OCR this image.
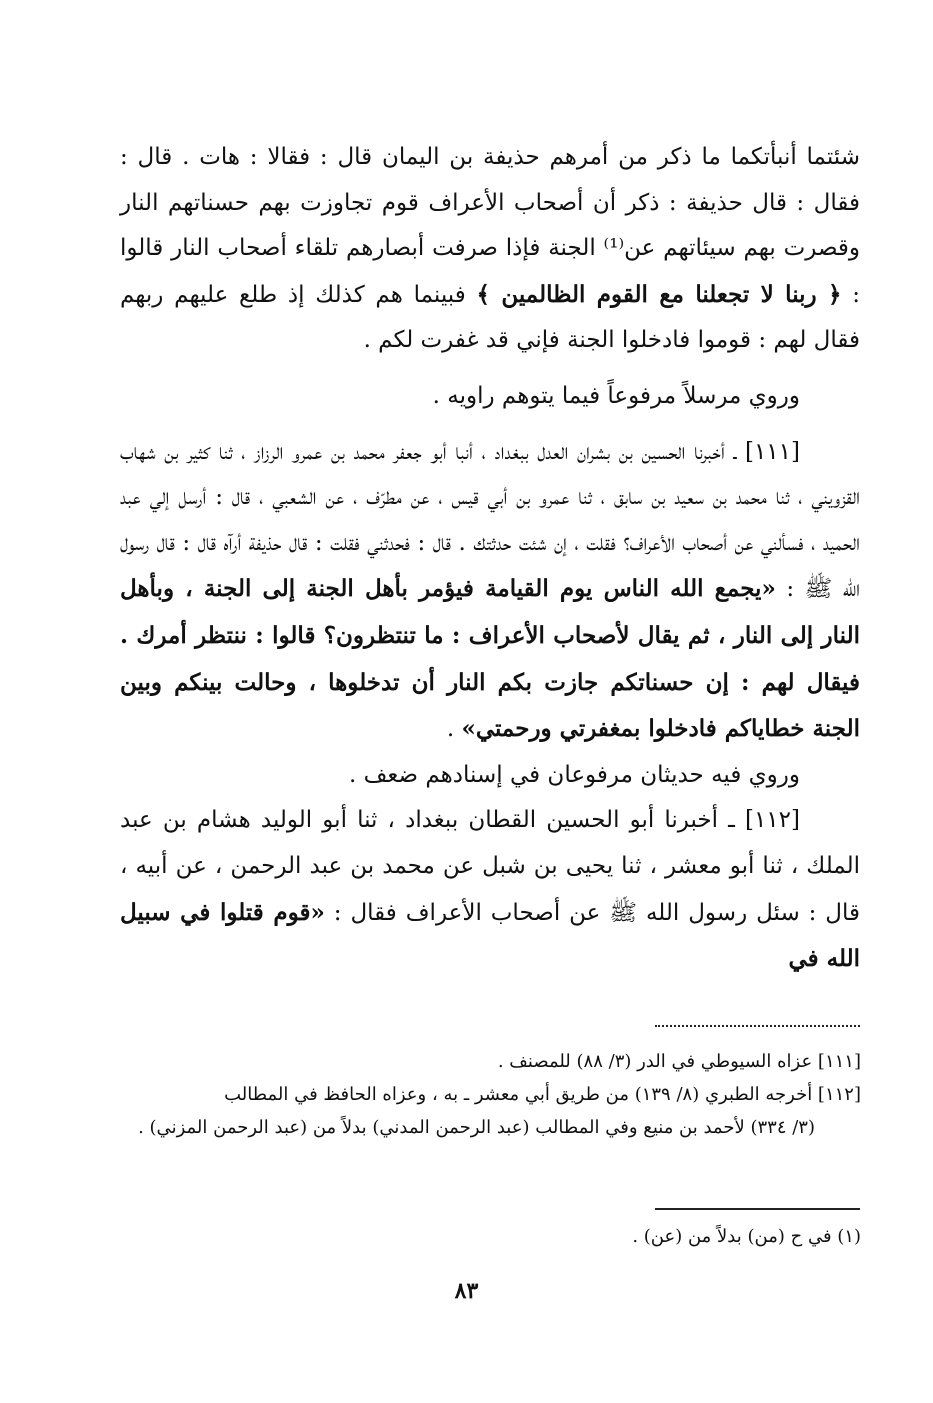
شئتما أنبأتكما ما ذكر من أمرهم حذيفة بن اليمان قال : فقالا : هات . قال : فقال : قال حذيفة : ذكر أن أصحاب الأعراف قوم تجاوزت بهم حسناتهم النار وقصرت بهم سيئاتهم عن⁽¹⁾ الجنة فإذا صرفت أبصارهم تلقاء أصحاب النار قالوا : ﴿ ربنا لا تجعلنا مع القوم الظالمين ﴾ فبينما هم كذلك إذ طلع عليهم ربهم فقال لهم : قوموا فادخلوا الجنة فإني قد غفرت لكم .

وروي مرسلاً مرفوعاً فيما يتوهم راويه .

[١١١] ـ أخبرنا الحسين بن بشران العدل ببغداد ، أنبا أبو جعفر محمد بن عمرو الرزاز ، ثنا كثير بن شهاب القزويني ، ثنا محمد بن سعيد بن سابق ، ثنا عمرو بن أبي قيس ، عن مطرّف ، عن الشعبي ، قال : أرسل إلي عبد الحميد ، فسألني عن أصحاب الأعراف؟ فقلت ، إن شئت حدثتك . قال : فحدثني فقلت : قال حذيفة أرآه قال : قال رسول الله ﷺ : «يجمع الله الناس يوم القيامة فيؤمر بأهل الجنة إلى الجنة ، وبأهل النار إلى النار ، ثم يقال لأصحاب الأعراف : ما تنتظرون؟ قالوا : ننتظر أمرك . فيقال لهم : إن حسناتكم جازت بكم النار أن تدخلوها ، وحالت بينكم وبين الجنة خطاياكم فادخلوا بمغفرتي ورحمتي» .

وروي فيه حديثان مرفوعان في إسنادهم ضعف .

[١١٢] ـ أخبرنا أبو الحسين القطان ببغداد ، ثنا أبو الوليد هشام بن عبد الملك ، ثنا أبو معشر ، ثنا يحيى بن شبل عن محمد بن عبد الرحمن ، عن أبيه ، قال : سئل رسول الله ﷺ عن أصحاب الأعراف فقال : «قوم قتلوا في سبيل الله في

[١١١] عزاه السيوطي في الدر (٣/ ٨٨) للمصنف .

[١١٢] أخرجه الطبري (٨/ ١٣٩) من طريق أبي معشر ـ به ، وعزاه الحافظ في المطالب

(٣/ ٣٣٤) لأحمد بن منيع وفي المطالب (عبد الرحمن المدني) بدلاً من (عبد الرحمن المزني) .

(١) في ح (من) بدلاً من (عن) .
٨٣
